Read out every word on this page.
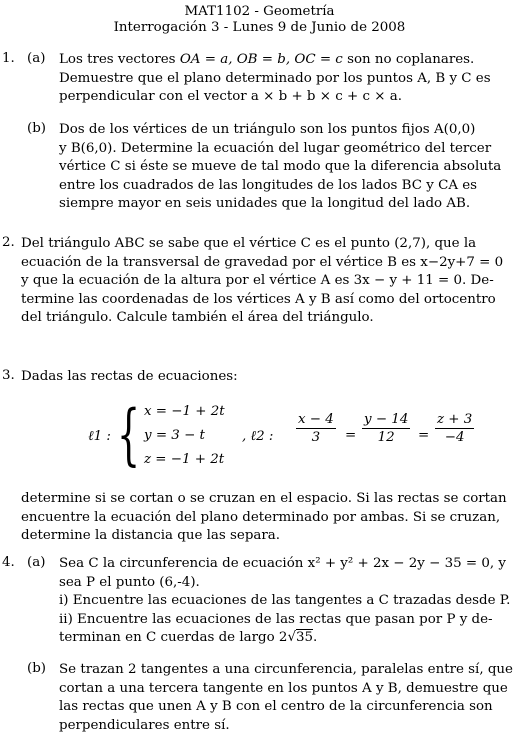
MAT1102 - Geometría
Interrogación 3 - Lunes 9 de Junio de 2008
1. (a)	Los tres vectores OA = a, OB = b, OC = c son no coplanares.
Demuestre que el plano determinado por los puntos A, B y C es
perpendicular con el vector a × b + b × c + c × a.
(b) Dos de los vértices de un triángulo son los puntos fijos A(0,0)
y B(6,0). Determine la ecuación del lugar geométrico del tercer
vértice C si éste se mueve de tal modo que la diferencia absoluta
entre los cuadrados de las longitudes de los lados BC y CA es
siempre mayor en seis unidades que la longitud del lado AB.
2. Del triángulo ABC se sabe que el vértice C es el punto (2,7), que la
ecuación de la transversal de gravedad por el vértice B es x−2y+7 = 0
y que la ecuación de la altura por el vértice A es 3x − y + 11 = 0. De-
termine las coordenadas de los vértices A y B así como del ortocentro
del triángulo. Calcule también el área del triángulo.
3. Dadas las rectas de ecuaciones:
ℓ1 : { x = −1 + 2t
y = 3 − t
z = −1 + 2t
, ℓ2 : $\frac{x - 4}{3} = \frac{y - 14}{12} = \frac{z + 3}{-4}$
determine si se cortan o se cruzan en el espacio. Si las rectas se cortan
encuentre la ecuación del plano determinado por ambas. Si se cruzan,
determine la distancia que las separa.
4. (a)	Sea C la circunferencia de ecuación x² + y² + 2x − 2y − 35 = 0, y
sea P el punto (6,-4).
i) Encuentre las ecuaciones de las tangentes a C trazadas desde P.
ii) Encuentre las ecuaciones de las rectas que pasan por P y de-
terminan en C cuerdas de largo 2√35.
(b) Se trazan 2 tangentes a una circunferencia, paralelas entre sí, que
cortan a una tercera tangente en los puntos A y B, demuestre que
las rectas que unen A y B con el centro de la circunferencia son
perpendiculares entre sí.
